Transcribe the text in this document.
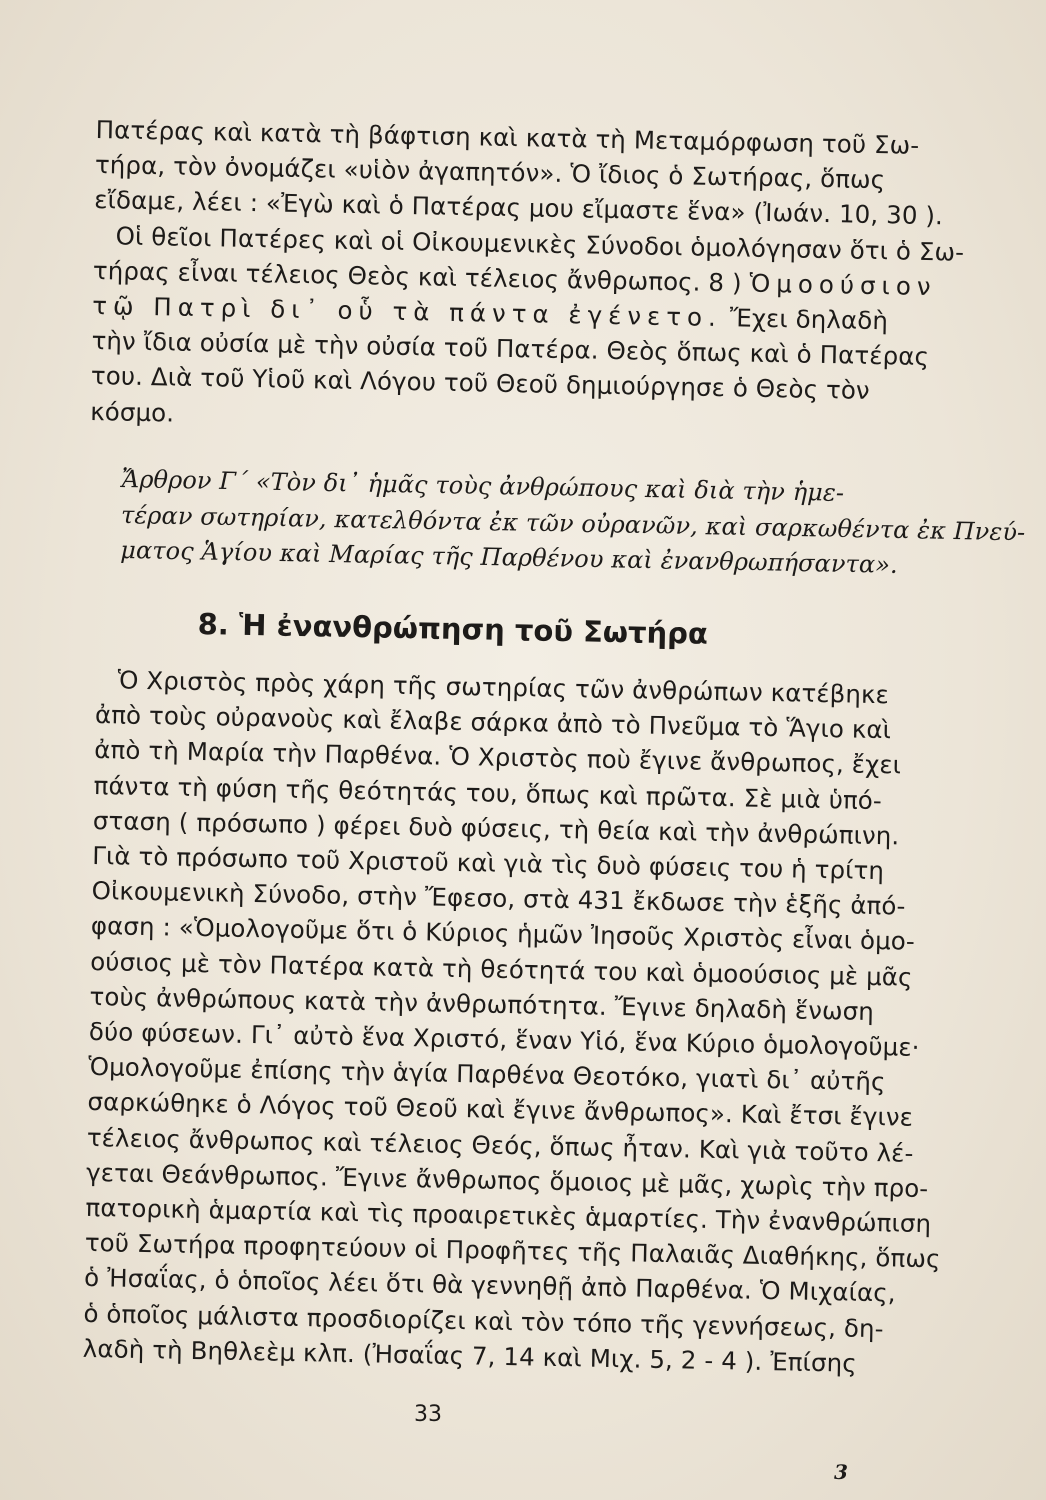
Πατέρας καὶ κατὰ τὴ βάφτιση καὶ κατὰ τὴ Μεταμόρφωση τοῦ Σω-
τήρα, τὸν ὀνομάζει «υἱὸν ἀγαπητόν». Ὁ ἴδιος ὁ Σωτήρας, ὅπως
εἴδαμε, λέει : «Ἐγὼ καὶ ὁ Πατέρας μου εἴμαστε ἕνα» (Ἰωάν. 10, 30 ).
Οἱ θεῖοι Πατέρες καὶ οἱ Οἰκουμενικὲς Σύνοδοι ὁμολόγησαν ὅτι ὁ Σω-
τήρας εἶναι τέλειος Θεὸς καὶ τέλειος ἄνθρωπος. 8 ) Ὁμοούσιον
τῷ Πατρὶ δι᾿ οὗ τὰ πάντα ἐγένετο. Ἔχει δηλαδὴ
τὴν ἴδια οὐσία μὲ τὴν οὐσία τοῦ Πατέρα. Θεὸς ὅπως καὶ ὁ Πατέρας
του. Διὰ τοῦ Υἱοῦ καὶ Λόγου τοῦ Θεοῦ δημιούργησε ὁ Θεὸς τὸν
κόσμο.
Ἄρθρον Γ΄ «Τὸν δι᾿ ἡμᾶς τοὺς ἀνθρώπους καὶ διὰ τὴν ἡμε-
τέραν σωτηρίαν, κατελθόντα ἐκ τῶν οὐρανῶν, καὶ σαρκωθέντα ἐκ Πνεύ-
ματος Ἁγίου καὶ Μαρίας τῆς Παρθένου καὶ ἐνανθρωπήσαντα».
8. Ἡ ἐνανθρώπηση τοῦ Σωτήρα
Ὁ Χριστὸς πρὸς χάρη τῆς σωτηρίας τῶν ἀνθρώπων κατέβηκε
ἀπὸ τοὺς οὐρανοὺς καὶ ἔλαβε σάρκα ἀπὸ τὸ Πνεῦμα τὸ Ἅγιο καὶ
ἀπὸ τὴ Μαρία τὴν Παρθένα. Ὁ Χριστὸς ποὺ ἔγινε ἄνθρωπος, ἔχει
πάντα τὴ φύση τῆς θεότητάς του, ὅπως καὶ πρῶτα. Σὲ μιὰ ὑπό-
σταση ( πρόσωπο ) φέρει δυὸ φύσεις, τὴ θεία καὶ τὴν ἀνθρώπινη.
Γιὰ τὸ πρόσωπο τοῦ Χριστοῦ καὶ γιὰ τὶς δυὸ φύσεις του ἡ τρίτη
Οἰκουμενικὴ Σύνοδο, στὴν Ἔφεσο, στὰ 431 ἔκδωσε τὴν ἑξῆς ἀπό-
φαση : «Ὁμολογοῦμε ὅτι ὁ Κύριος ἡμῶν Ἰησοῦς Χριστὸς εἶναι ὁμο-
ούσιος μὲ τὸν Πατέρα κατὰ τὴ θεότητά του καὶ ὁμοούσιος μὲ μᾶς
τοὺς ἀνθρώπους κατὰ τὴν ἀνθρωπότητα. Ἔγινε δηλαδὴ ἕνωση
δύο φύσεων. Γι᾿ αὐτὸ ἕνα Χριστό, ἕναν Υἱό, ἕνα Κύριο ὁμολογοῦμε·
Ὁμολογοῦμε ἐπίσης τὴν ἁγία Παρθένα Θεοτόκο, γιατὶ δι᾿ αὐτῆς
σαρκώθηκε ὁ Λόγος τοῦ Θεοῦ καὶ ἔγινε ἄνθρωπος». Καὶ ἔτσι ἔγινε
τέλειος ἄνθρωπος καὶ τέλειος Θεός, ὅπως ἦταν. Καὶ γιὰ τοῦτο λέ-
γεται Θεάνθρωπος. Ἔγινε ἄνθρωπος ὅμοιος μὲ μᾶς, χωρὶς τὴν προ-
πατορικὴ ἁμαρτία καὶ τὶς προαιρετικὲς ἁμαρτίες. Τὴν ἐνανθρώπιση
τοῦ Σωτήρα προφητεύουν οἱ Προφῆτες τῆς Παλαιᾶς Διαθήκης, ὅπως
ὁ Ἠσαΐας, ὁ ὁποῖος λέει ὅτι θὰ γεννηθῇ ἀπὸ Παρθένα. Ὁ Μιχαίας,
ὁ ὁποῖος μάλιστα προσδιορίζει καὶ τὸν τόπο τῆς γεννήσεως, δη-
λαδὴ τὴ Βηθλεὲμ κλπ. (Ἠσαΐας 7, 14 καὶ Μιχ. 5, 2 - 4 ). Ἐπίσης
33
3
